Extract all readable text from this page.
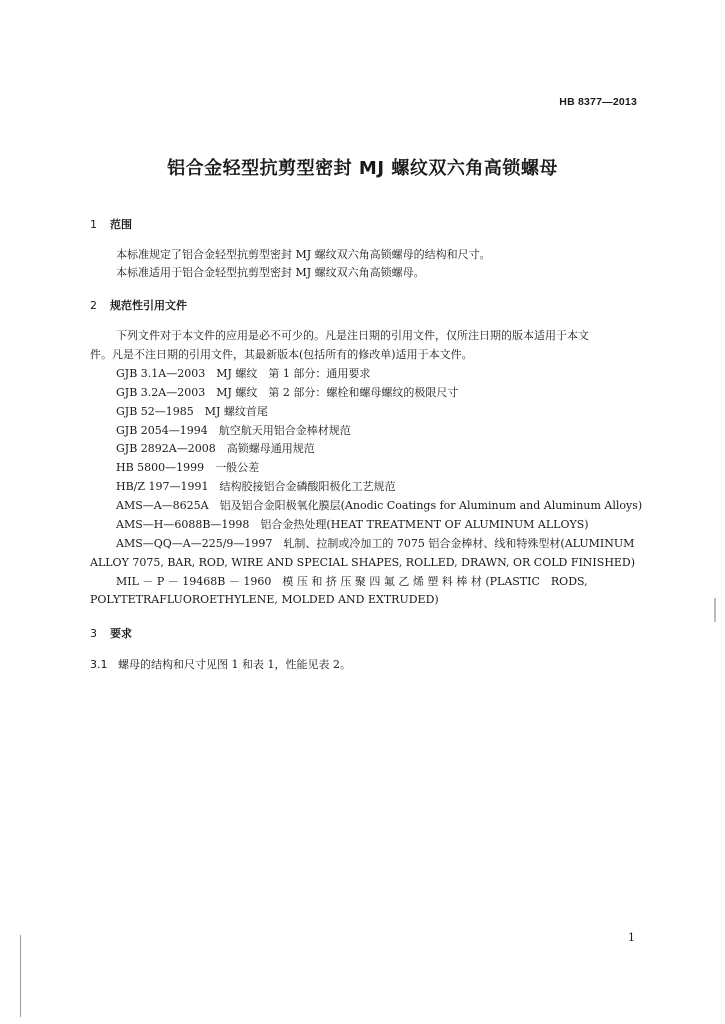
HB 8377—2013
铝合金轻型抗剪型密封 MJ 螺纹双六角高锁螺母
1 范围
本标准规定了铝合金轻型抗剪型密封 MJ 螺纹双六角高锁螺母的结构和尺寸。
本标准适用于铝合金轻型抗剪型密封 MJ 螺纹双六角高锁螺母。
2 规范性引用文件
下列文件对于本文件的应用是必不可少的。凡是注日期的引用文件，仅所注日期的版本适用于本文
件。凡是不注日期的引用文件，其最新版本(包括所有的修改单)适用于本文件。
GJB 3.1A—2003　MJ 螺纹　第 1 部分：通用要求
GJB 3.2A—2003　MJ 螺纹　第 2 部分：螺栓和螺母螺纹的极限尺寸
GJB 52—1985　MJ 螺纹首尾
GJB 2054—1994　航空航天用铝合金棒材规范
GJB 2892A—2008　高锁螺母通用规范
HB 5800—1999　一般公差
HB/Z 197—1991　结构胶接铝合金磷酸阳极化工艺规范
AMS—A—8625A　铝及铝合金阳极氧化膜层(Anodic Coatings for Aluminum and Aluminum Alloys)
AMS—H—6088B—1998　铝合金热处理(HEAT TREATMENT OF ALUMINUM ALLOYS)
AMS—QQ—A—225/9—1997　轧制、拉制或冷加工的 7075 铝合金棒材、线和特殊型材(ALUMINUM
ALLOY 7075, BAR, ROD, WIRE AND SPECIAL SHAPES, ROLLED, DRAWN, OR COLD FINISHED)
MIL － P － 19468B － 1960　模 压 和 挤 压 聚 四 氟 乙 烯 塑 料 棒 材 (PLASTIC　RODS,
POLYTETRAFLUOROETHYLENE, MOLDED AND EXTRUDED)
3 要求
3.1 螺母的结构和尺寸见图 1 和表 1，性能见表 2。
1
